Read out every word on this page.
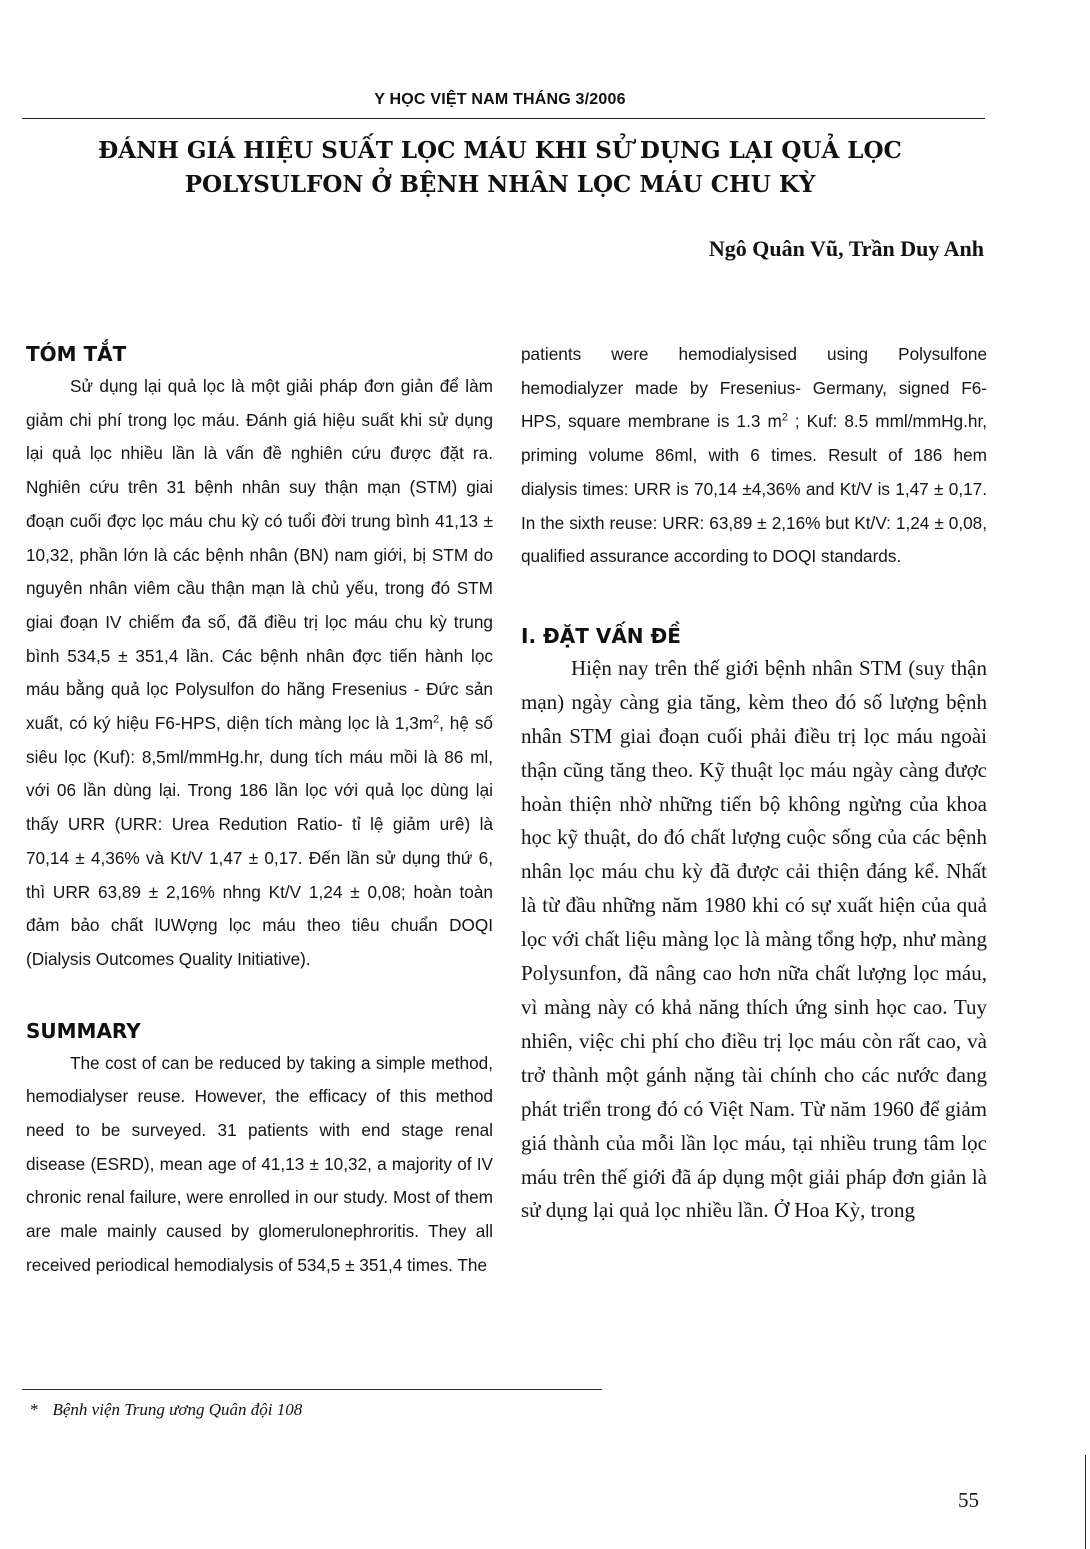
Y HỌC VIỆT NAM THÁNG 3/2006
ĐÁNH GIÁ HIỆU SUẤT LỌC MÁU KHI SỬ DỤNG LẠI QUẢ LỌC
POLYSULFON Ở BỆNH NHÂN LỌC MÁU CHU KỲ
Ngô Quân Vũ, Trần Duy Anh
TÓM TẮT

Sử dụng lại quả lọc là một giải pháp đơn giản để làm giảm chi phí trong lọc máu. Đánh giá hiệu suất khi sử dụng lại quả lọc nhiều lần là vấn đề nghiên cứu được đặt ra. Nghiên cứu trên 31 bệnh nhân suy thận mạn (STM) giai đoạn cuối đợc lọc máu chu kỳ có tuổi đời trung bình 41,13 ± 10,32, phần lớn là các bệnh nhân (BN) nam giới, bị STM do nguyên nhân viêm cầu thận mạn là chủ yếu, trong đó STM giai đoạn IV chiếm đa số, đã điều trị lọc máu chu kỳ trung bình 534,5 ± 351,4 lần. Các bệnh nhân đợc tiến hành lọc máu bằng quả lọc Polysulfon do hãng Fresenius - Đức sản xuất, có ký hiệu F6-HPS, diện tích màng lọc là $1,3m^2$, hệ số siêu lọc (Kuf): 8,5ml/mmHg.hr, dung tích máu mồi là 86 ml, với 06 lần dùng lại. Trong 186 lần lọc với quả lọc dùng lại thấy URR (URR: Urea Redution Ratio- tỉ lệ giảm urê) là 70,14 ± 4,36% và Kt/V 1,47 ± 0,17. Đến lần sử dụng thứ 6, thì URR 63,89 ± 2,16% nhng Kt/V 1,24 ± 0,08; hoàn toàn đảm bảo chất lUWợng lọc máu theo tiêu chuẩn DOQI (Dialysis Outcomes Quality Initiative).

SUMMARY

The cost of can be reduced by taking a simple method, hemodialyser reuse. However, the efficacy of this method need to be surveyed. 31 patients with end stage renal disease (ESRD), mean age of 41,13 ± 10,32, a majority of IV chronic renal failure, were enrolled in our study. Most of them are male mainly caused by glomerulonephroritis. They all received periodical hemodialysis of 534,5 ± 351,4 times. The

patients were hemodialysised using Polysulfone hemodialyzer made by Fresenius- Germany, signed F6- HPS, square membrane is 1.3 $m^2$ ; Kuf: 8.5 mml/mmHg.hr, priming volume 86ml, with 6 times. Result of 186 hem dialysis times: URR is 70,14 ±4,36% and Kt/V is 1,47 ± 0,17. In the sixth reuse: URR: 63,89 ± 2,16% but Kt/V: 1,24 ± 0,08, qualified assurance according to DOQI standards.

I. ĐẶT VẤN ĐỀ

Hiện nay trên thế giới bệnh nhân STM (suy thận mạn) ngày càng gia tăng, kèm theo đó số lượng bệnh nhân STM giai đoạn cuối phải điều trị lọc máu ngoài thận cũng tăng theo. Kỹ thuật lọc máu ngày càng được hoàn thiện nhờ những tiến bộ không ngừng của khoa học kỹ thuật, do đó chất lượng cuộc sống của các bệnh nhân lọc máu chu kỳ đã được cải thiện đáng kể. Nhất là từ đầu những năm 1980 khi có sự xuất hiện của quả lọc với chất liệu màng lọc là màng tổng hợp, như màng Polysunfon, đã nâng cao hơn nữa chất lượng lọc máu, vì màng này có khả năng thích ứng sinh học cao. Tuy nhiên, việc chi phí cho điều trị lọc máu còn rất cao, và trở thành một gánh nặng tài chính cho các nước đang phát triển trong đó có Việt Nam. Từ năm 1960 để giảm giá thành của mỗi lần lọc máu, tại nhiều trung tâm lọc máu trên thế giới đã áp dụng một giải pháp đơn giản là sử dụng lại quả lọc nhiều lần. Ở Hoa Kỳ, trong

* Bệnh viện Trung ương Quân đội 108
55
